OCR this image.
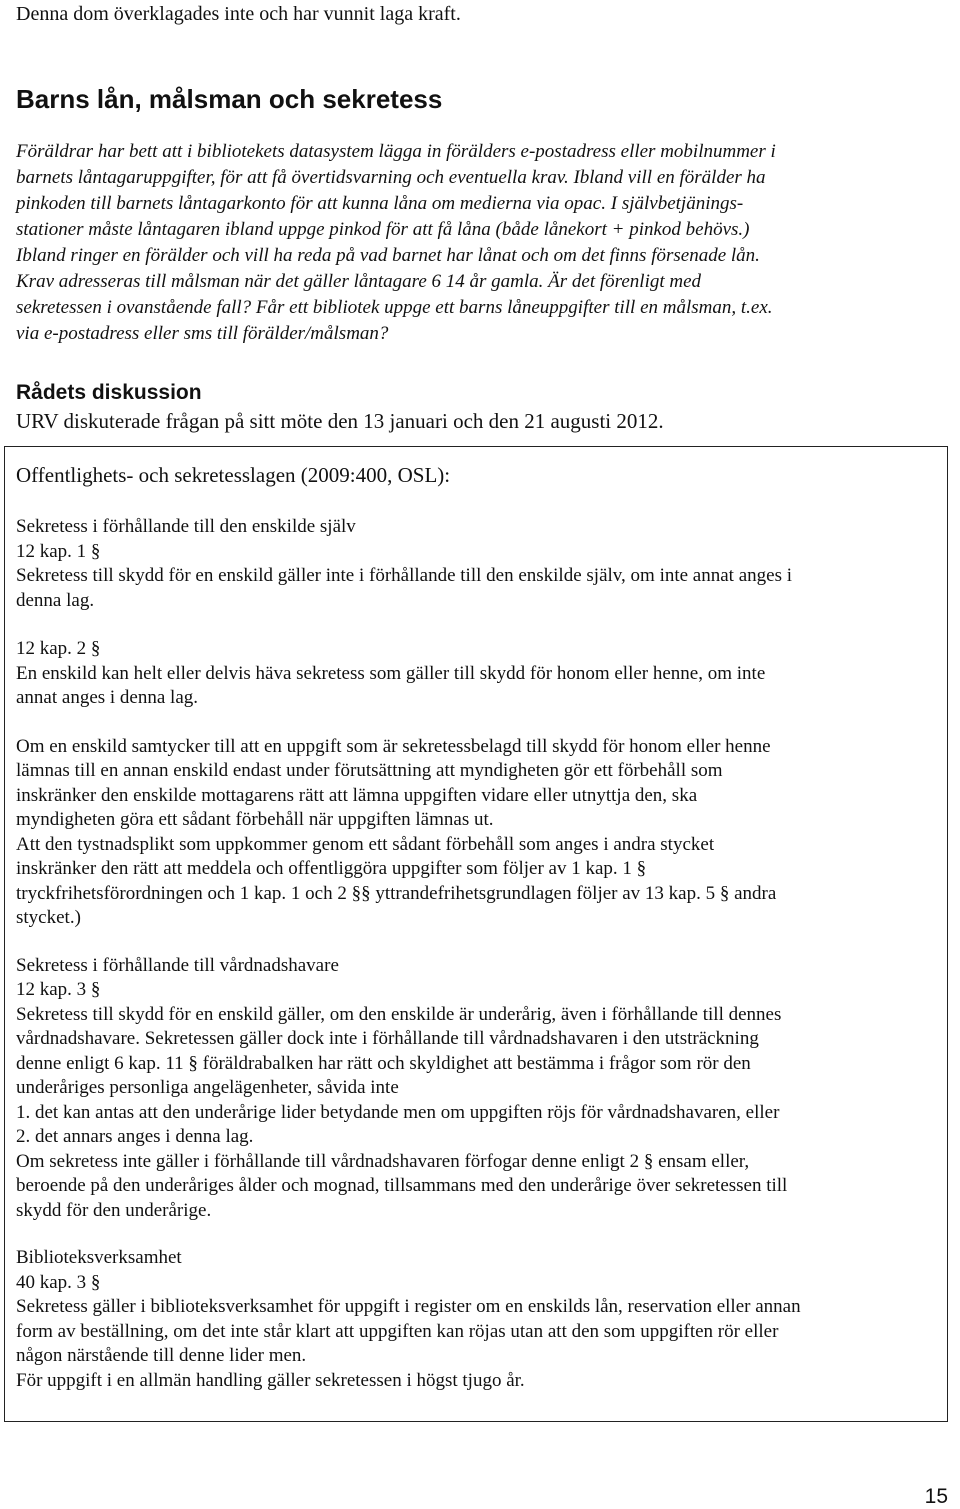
Denna dom överklagades inte och har vunnit laga kraft.
Barns lån, målsman och sekretess

Föräldrar har bett att i bibliotekets datasystem lägga in förälders e-postadress eller mobilnummer i

barnets låntagaruppgifter, för att få övertidsvarning och eventuella krav. Ibland vill en förälder ha

pinkoden till barnets låntagarkonto för att kunna låna om medierna via opac. I självbetjänings-

stationer måste låntagaren ibland uppge pinkod för att få låna (både lånekort + pinkod behövs.)

Ibland ringer en förälder och vill ha reda på vad barnet har lånat och om det finns försenade lån.

Krav adresseras till målsman när det gäller låntagare 6 14 år gamla. Är det förenligt med

sekretessen i ovanstående fall? Får ett bibliotek uppge ett barns låneuppgifter till en målsman, t.ex.

via e-postadress eller sms till förälder/målsman?

Rådets diskussion
URV diskuterade frågan på sitt möte den 13 januari och den 21 augusti 2012.

Offentlighets- och sekretesslagen (2009:400, OSL):

Sekretess i förhållande till den enskilde själv

12 kap. 1 §

Sekretess till skydd för en enskild gäller inte i förhållande till den enskilde själv, om inte annat anges i

denna lag.

12 kap. 2 §

En enskild kan helt eller delvis häva sekretess som gäller till skydd för honom eller henne, om inte

annat anges i denna lag.

Om en enskild samtycker till att en uppgift som är sekretessbelagd till skydd för honom eller henne

lämnas till en annan enskild endast under förutsättning att myndigheten gör ett förbehåll som

inskränker den enskilde mottagarens rätt att lämna uppgiften vidare eller utnyttja den, ska

myndigheten göra ett sådant förbehåll när uppgiften lämnas ut.

Att den tystnadsplikt som uppkommer genom ett sådant förbehåll som anges i andra stycket

inskränker den rätt att meddela och offentliggöra uppgifter som följer av 1 kap. 1 §

tryckfrihetsförordningen och 1 kap. 1 och 2 §§ yttrandefrihetsgrundlagen följer av 13 kap. 5 § andra

stycket.)

Sekretess i förhållande till vårdnadshavare

12 kap. 3 §

Sekretess till skydd för en enskild gäller, om den enskilde är underårig, även i förhållande till dennes

vårdnadshavare. Sekretessen gäller dock inte i förhållande till vårdnadshavaren i den utsträckning

denne enligt 6 kap. 11 § föräldrabalken har rätt och skyldighet att bestämma i frågor som rör den

underåriges personliga angelägenheter, såvida inte

1. det kan antas att den underårige lider betydande men om uppgiften röjs för vårdnadshavaren, eller

2. det annars anges i denna lag.

Om sekretess inte gäller i förhållande till vårdnadshavaren förfogar denne enligt 2 § ensam eller,

beroende på den underåriges ålder och mognad, tillsammans med den underårige över sekretessen till

skydd för den underårige.

Biblioteksverksamhet

40 kap. 3 §

Sekretess gäller i biblioteksverksamhet för uppgift i register om en enskilds lån, reservation eller annan

form av beställning, om det inte står klart att uppgiften kan röjas utan att den som uppgiften rör eller

någon närstående till denne lider men.

För uppgift i en allmän handling gäller sekretessen i högst tjugo år.

15
